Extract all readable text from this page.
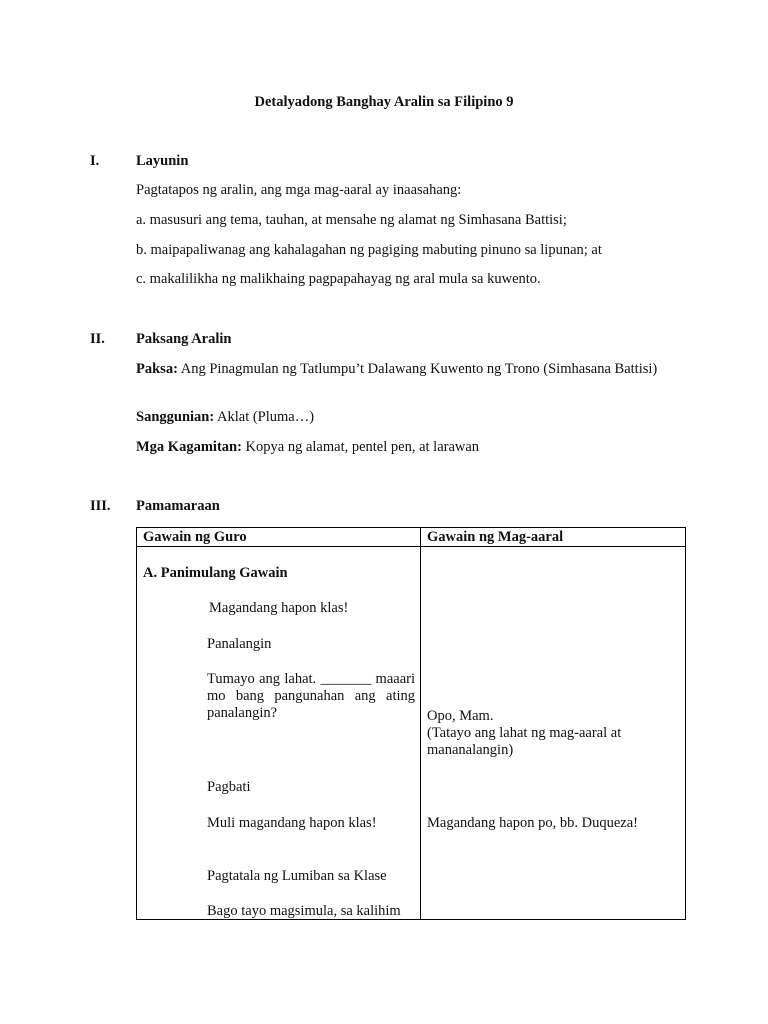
Detalyadong Banghay Aralin sa Filipino 9
I.	Layunin
Pagtatapos ng aralin, ang mga mag-aaral ay inaasahang:
a. masusuri ang tema, tauhan, at mensahe ng alamat ng Simhasana Battisi;
b. maipapaliwanag ang kahalagahan ng pagiging mabuting pinuno sa lipunan; at
c. makalilikha ng malikhaing pagpapahayag ng aral mula sa kuwento.
II. Paksang Aralin
Paksa: Ang Pinagmulan ng Tatlumpu’t Dalawang Kuwento ng Trono (Simhasana Battisi)
Sanggunian: Aklat (Pluma…)
Mga Kagamitan: Kopya ng alamat, pentel pen, at larawan
III. Pamamaraan
Gawain ng Guro	Gawain ng Mag-aaral
A. Panimulang Gawain
Magandang hapon klas!
Panalangin
Tumayo ang lahat. _______ maaari mo bang pangunahan ang ating panalangin?
Pagbati
Muli magandang hapon klas!
Pagtatala ng Lumiban sa Klase
Bago tayo magsimula, sa kalihim
Opo, Mam.
(Tatayo ang lahat ng mag-aaral at mananalangin)
Magandang hapon po, bb. Duqueza!
